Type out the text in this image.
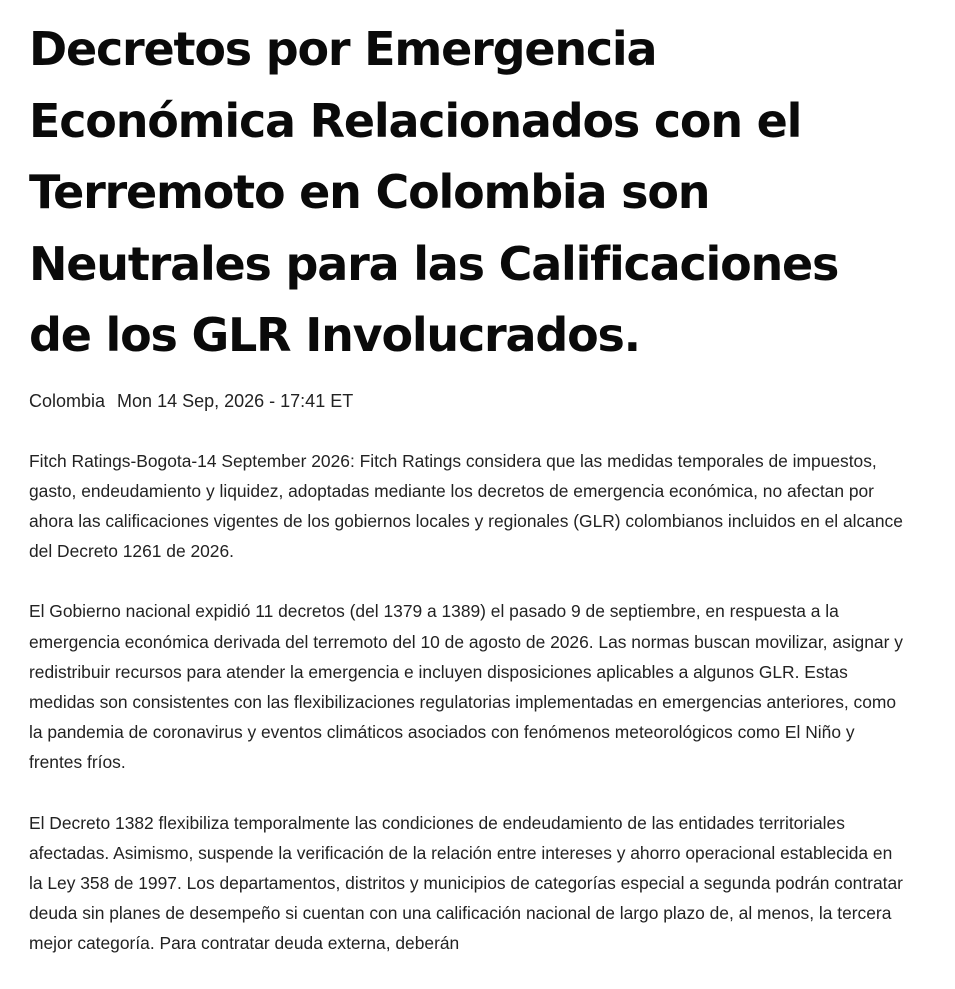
Decretos por Emergencia Económica Relacionados con el Terremoto en Colombia son Neutrales para las Calificaciones de los GLR Involucrados.
Colombia Mon 14 Sep, 2026 - 17:41 ET

Fitch Ratings-Bogota-14 September 2026: Fitch Ratings considera que las medidas temporales de impuestos, gasto, endeudamiento y liquidez, adoptadas mediante los decretos de emergencia económica, no afectan por ahora las calificaciones vigentes de los gobiernos locales y regionales (GLR) colombianos incluidos en el alcance del Decreto 1261 de 2026.

El Gobierno nacional expidió 11 decretos (del 1379 a 1389) el pasado 9 de septiembre, en respuesta a la emergencia económica derivada del terremoto del 10 de agosto de 2026. Las normas buscan movilizar, asignar y redistribuir recursos para atender la emergencia e incluyen disposiciones aplicables a algunos GLR. Estas medidas son consistentes con las flexibilizaciones regulatorias implementadas en emergencias anteriores, como la pandemia de coronavirus y eventos climáticos asociados con fenómenos meteorológicos como El Niño y frentes fríos.

El Decreto 1382 flexibiliza temporalmente las condiciones de endeudamiento de las entidades territoriales afectadas. Asimismo, suspende la verificación de la relación entre intereses y ahorro operacional establecida en la Ley 358 de 1997. Los departamentos, distritos y municipios de categorías especial a segunda podrán contratar deuda sin planes de desempeño si cuentan con una calificación nacional de largo plazo de, al menos, la tercera mejor categoría. Para contratar deuda externa, deberán
